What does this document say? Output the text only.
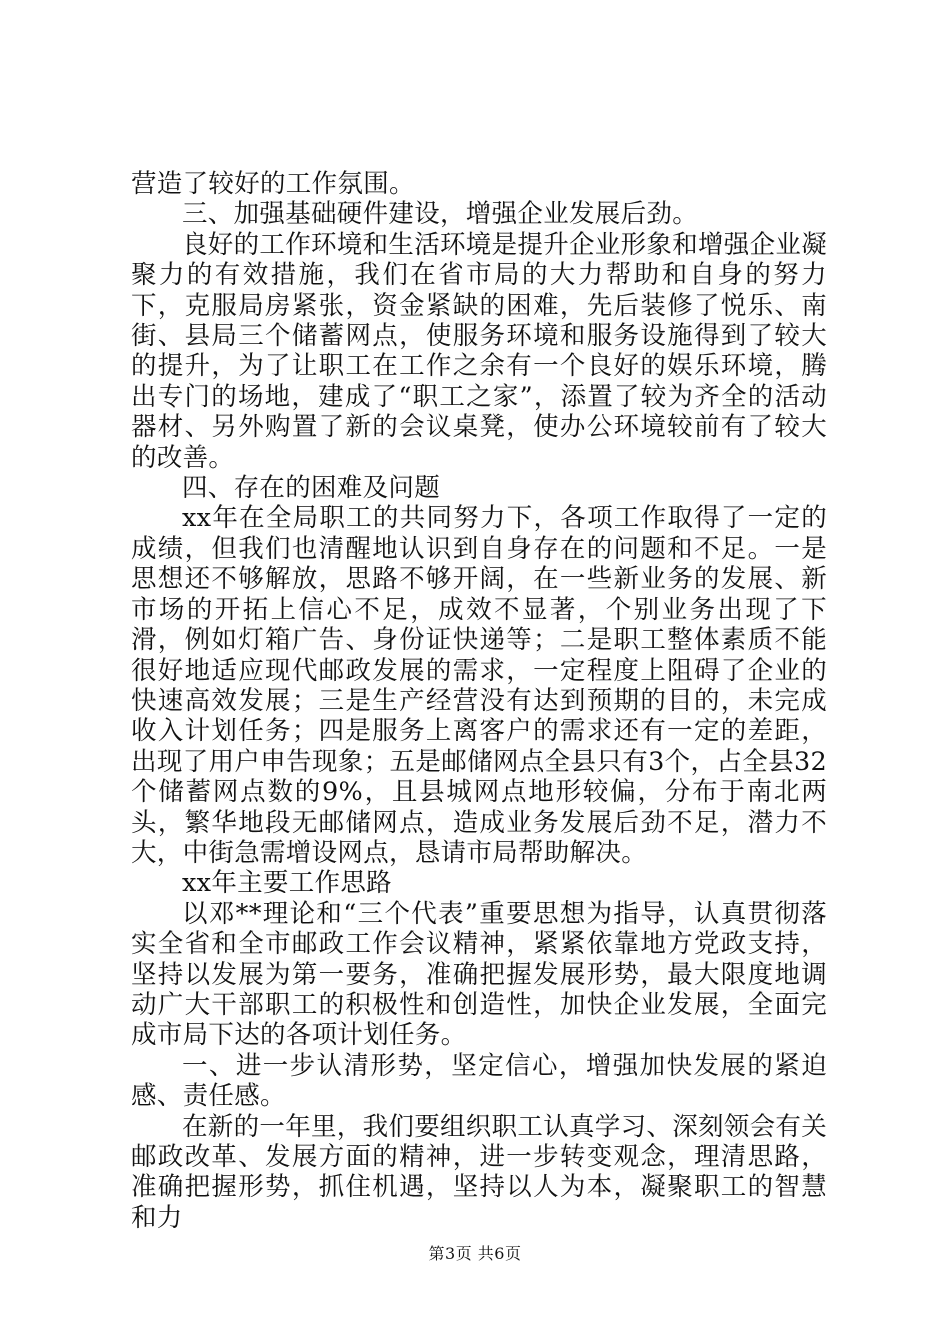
营造了较好的工作氛围。

三、加强基础硬件建设，增强企业发展后劲。

良好的工作环境和生活环境是提升企业形象和增强企业凝聚力的有效措施，我们在省市局的大力帮助和自身的努力下，克服局房紧张，资金紧缺的困难，先后装修了悦乐、南街、县局三个储蓄网点，使服务环境和服务设施得到了较大的提升，为了让职工在工作之余有一个良好的娱乐环境，腾出专门的场地，建成了“职工之家”，添置了较为齐全的活动器材、另外购置了新的会议桌凳，使办公环境较前有了较大的改善。

四、存在的困难及问题

xx年在全局职工的共同努力下，各项工作取得了一定的成绩，但我们也清醒地认识到自身存在的问题和不足。一是思想还不够解放，思路不够开阔，在一些新业务的发展、新市场的开拓上信心不足，成效不显著，个别业务出现了下滑，例如灯箱广告、身份证快递等；二是职工整体素质不能很好地适应现代邮政发展的需求，一定程度上阻碍了企业的快速高效发展；三是生产经营没有达到预期的目的，未完成收入计划任务；四是服务上离客户的需求还有一定的差距，出现了用户申告现象；五是邮储网点全县只有3个，占全县32个储蓄网点数的9%，且县城网点地形较偏，分布于南北两头，繁华地段无邮储网点，造成业务发展后劲不足，潜力不大，中街急需增设网点，恳请市局帮助解决。

xx年主要工作思路

以邓**理论和“三个代表”重要思想为指导，认真贯彻落实全省和全市邮政工作会议精神，紧紧依靠地方党政支持，坚持以发展为第一要务，准确把握发展形势，最大限度地调动广大干部职工的积极性和创造性，加快企业发展，全面完成市局下达的各项计划任务。

一、进一步认清形势，坚定信心，增强加快发展的紧迫感、责任感。

在新的一年里，我们要组织职工认真学习、深刻领会有关邮政改革、发展方面的精神，进一步转变观念，理清思路，准确把握形势，抓住机遇，坚持以人为本，凝聚职工的智慧和力

第3页 共6页
